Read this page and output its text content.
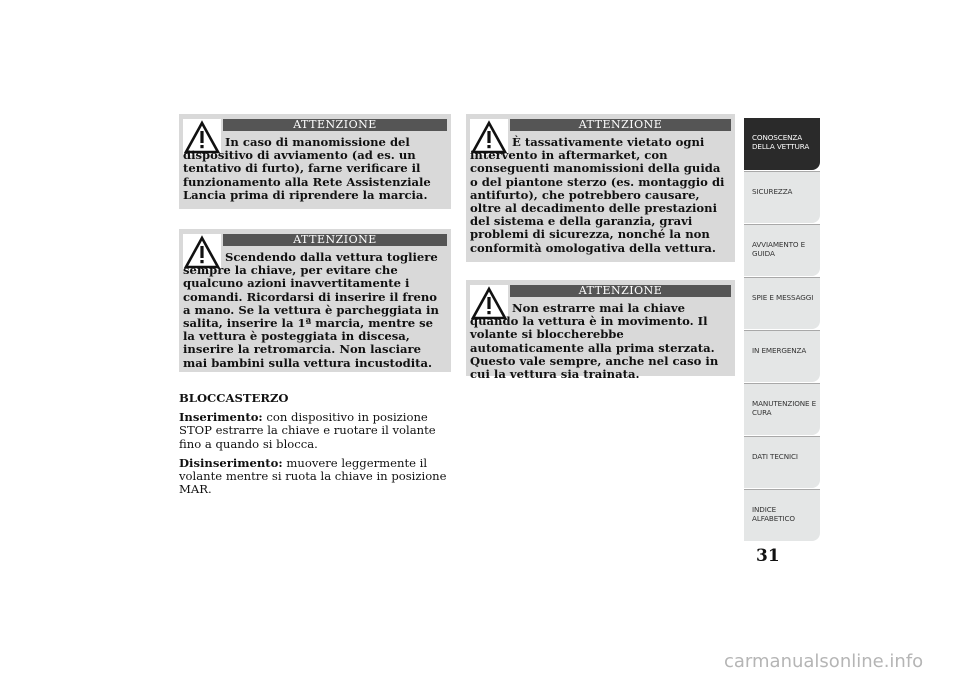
ATTENZIONE

In caso di manomissione del dispositivo di avviamento (ad es. un tentativo di furto), farne verificare il funzionamento alla Rete Assistenziale Lancia prima di riprendere la marcia.

ATTENZIONE

Scendendo dalla vettura togliere sempre la chiave, per evitare che qualcuno azioni inavvertitamente i comandi. Ricordarsi di inserire il freno a mano. Se la vettura è parcheggiata in salita, inserire la 1ª marcia, mentre se la vettura è posteggiata in discesa, inserire la retromarcia. Non lasciare mai bambini sulla vettura incustodita.

ATTENZIONE

È tassativamente vietato ogni intervento in aftermarket, con conseguenti manomissioni della guida o del piantone sterzo (es. montaggio di antifurto), che potrebbero causare, oltre al decadimento delle prestazioni del sistema e della garanzia, gravi problemi di sicurezza, nonché la non conformità omologativa della vettura.

ATTENZIONE

Non estrarre mai la chiave quando la vettura è in movimento. Il volante si bloccherebbe automaticamente alla prima sterzata. Questo vale sempre, anche nel caso in cui la vettura sia trainata.

BLOCCASTERZO

Inserimento: con dispositivo in posizione STOP estrarre la chiave e ruotare il volante fino a quando si blocca.

Disinserimento: muovere leggermente il volante mentre si ruota la chiave in posizione MAR.

CONOSCENZA DELLA VETTURA
SICUREZZA
AVVIAMENTO E GUIDA
SPIE E MESSAGGI
IN EMERGENZA
MANUTENZIONE E CURA
DATI TECNICI
INDICE ALFABETICO
31
carmanualsonline.info
